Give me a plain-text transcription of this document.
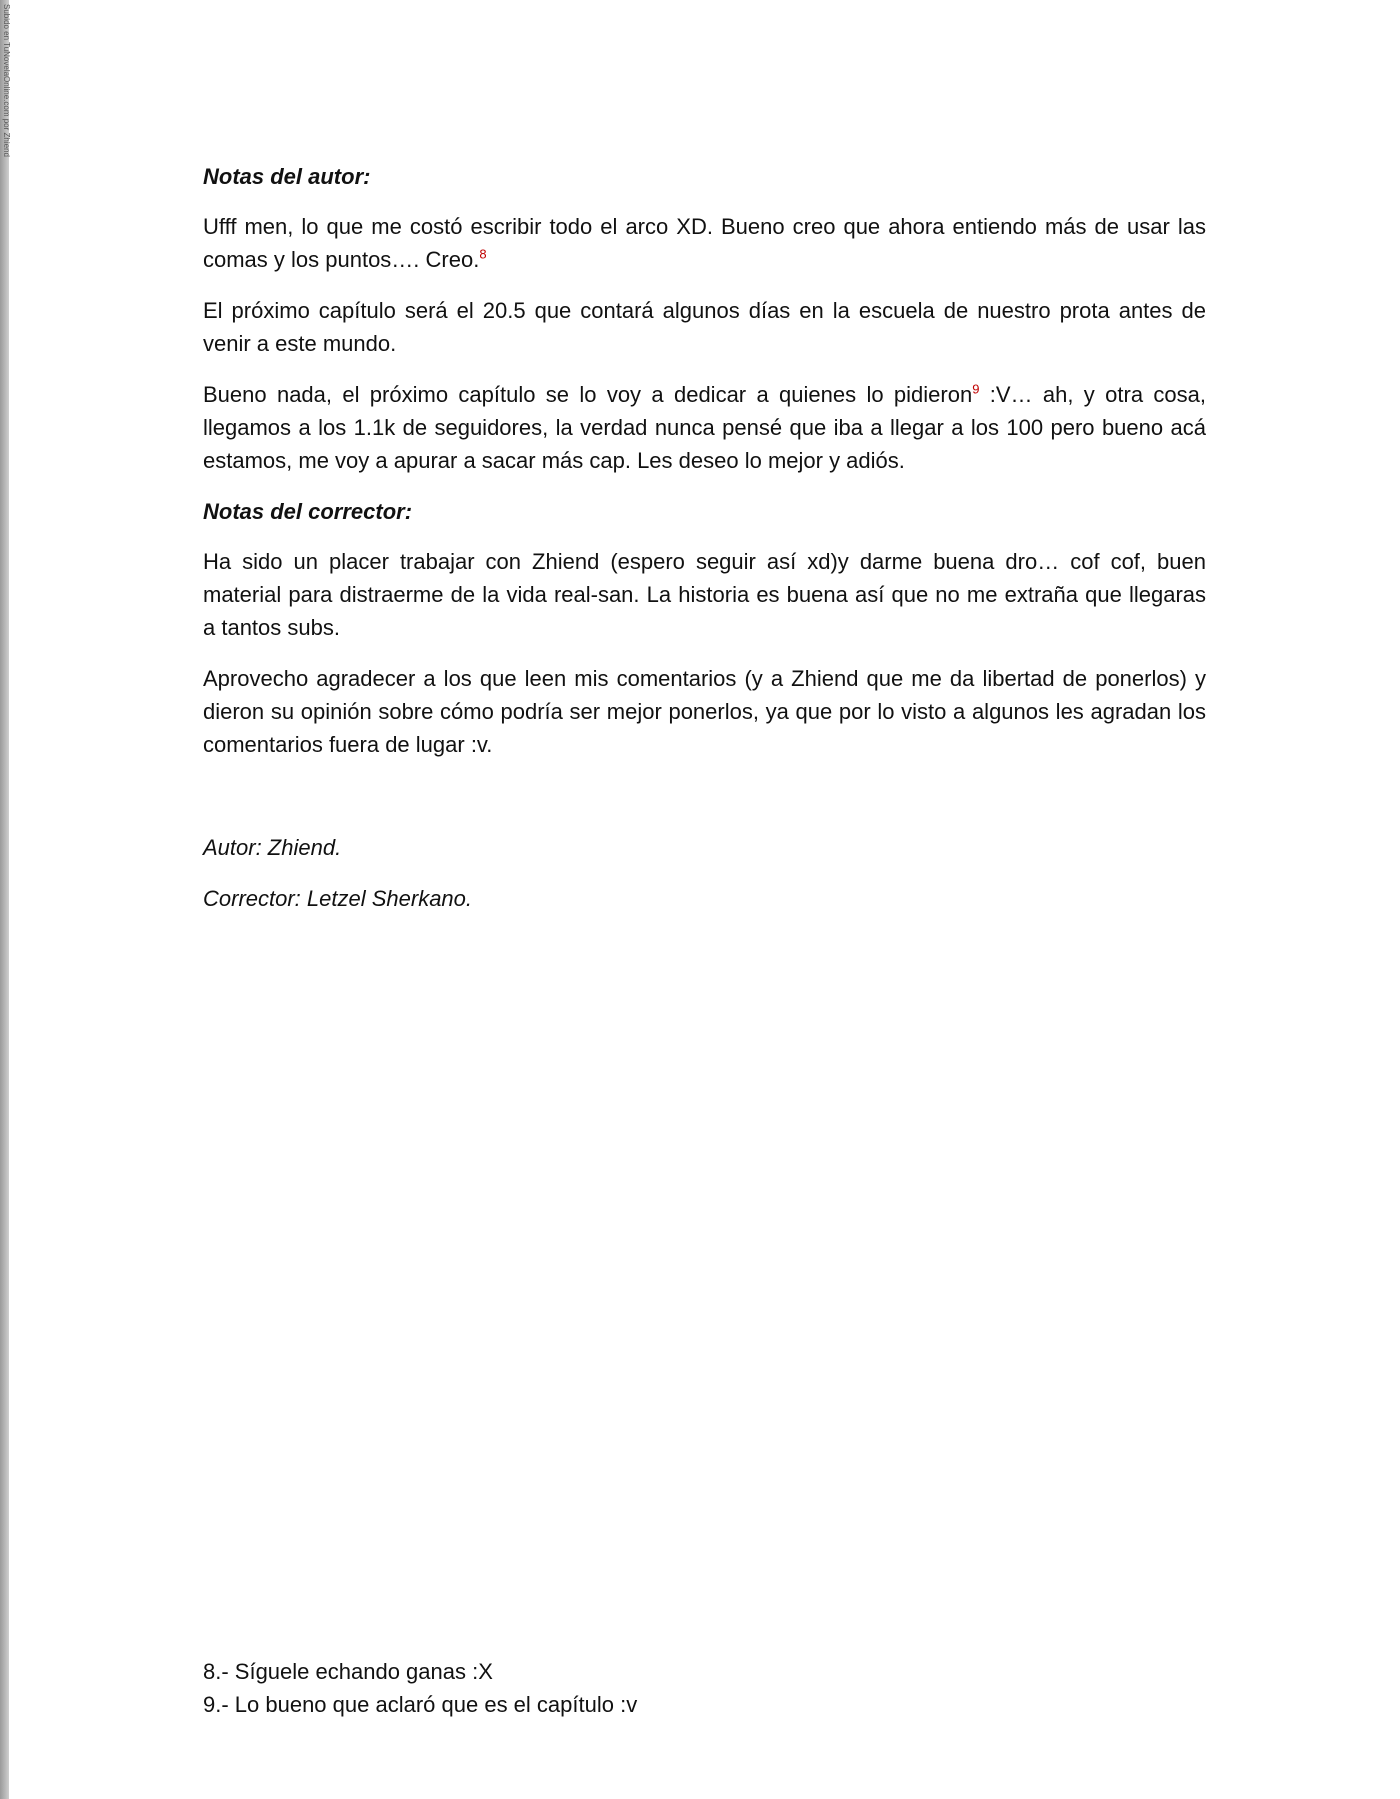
Subido en TuNovelaOnline.com por Zhiend
Notas del autor:

Ufff men, lo que me costó escribir todo el arco XD. Bueno creo que ahora entiendo más de usar las comas y los puntos…. Creo.$^8$

El próximo capítulo será el 20.5 que contará algunos días en la escuela de nuestro prota antes de venir a este mundo.

Bueno nada, el próximo capítulo se lo voy a dedicar a quienes lo pidieron$^9$ :V… ah, y otra cosa, llegamos a los 1.1k de seguidores, la verdad nunca pensé que iba a llegar a los 100 pero bueno acá estamos, me voy a apurar a sacar más cap. Les deseo lo mejor y adiós.

Notas del corrector:

Ha sido un placer trabajar con Zhiend (espero seguir así xd)y darme buena dro… cof cof, buen material para distraerme de la vida real-san. La historia es buena así que no me extraña que llegaras a tantos subs.

Aprovecho agradecer a los que leen mis comentarios (y a Zhiend que me da libertad de ponerlos) y dieron su opinión sobre cómo podría ser mejor ponerlos, ya que por lo visto a algunos les agradan los comentarios fuera de lugar :v.

Autor: Zhiend.
Corrector: Letzel Sherkano.
8.- Síguele echando ganas :X
9.- Lo bueno que aclaró que es el capítulo :v
